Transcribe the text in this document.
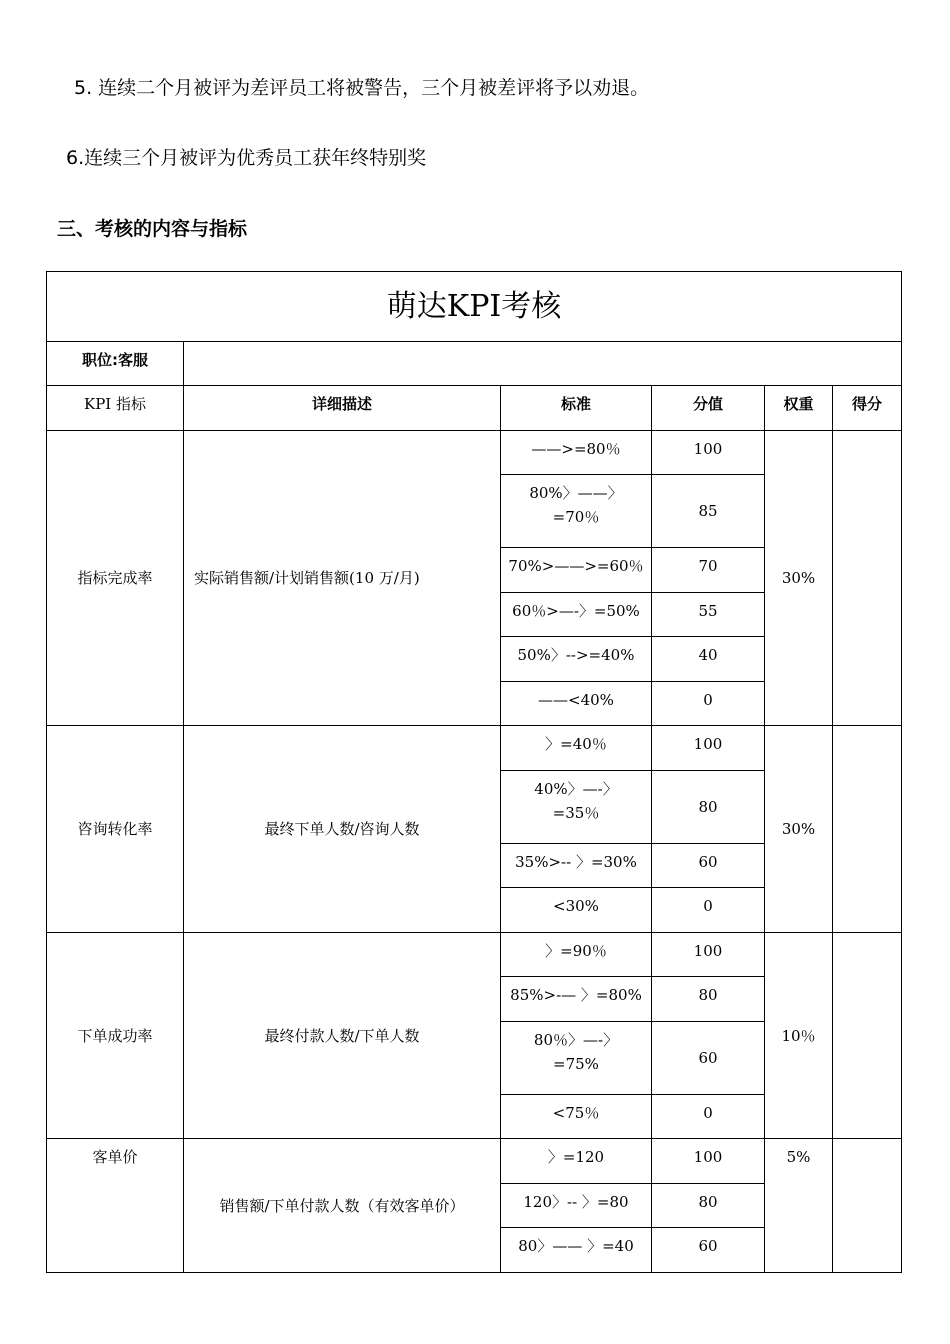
5. 连续二个月被评为差评员工将被警告，三个月被差评将予以劝退。

6.连续三个月被评为优秀员工获年终特别奖

三、考核的内容与指标

萌达KPI考核					
职位:客服					
KPI 指标	详细描述	标准	分值	权重	得分
指标完成率	实际销售额/计划销售额(10 万/月)	——>=80％	100	30%	
		80%〉——〉=70％	85		
		70%>——>=60％	70		
		60％>—-〉=50%	55		
		50%〉-->=40%	40		
		——<40%	0		
咨询转化率	最终下单人数/咨询人数	〉=40％	100	30%	
		40%〉—-〉=35％	80		
		35%>-- 〉=30%	60		
		<30%	0		
下单成功率	最终付款人数/下单人数	〉=90％	100	10％	
		85%>-— 〉=80%	80		
		80％〉—-〉=75%	60		
		<75％	0		
客单价	销售额/下单付款人数（有效客单价）	〉=120	100	5%	
		120〉-- 〉=80	80		
		80〉—— 〉=40	60		
